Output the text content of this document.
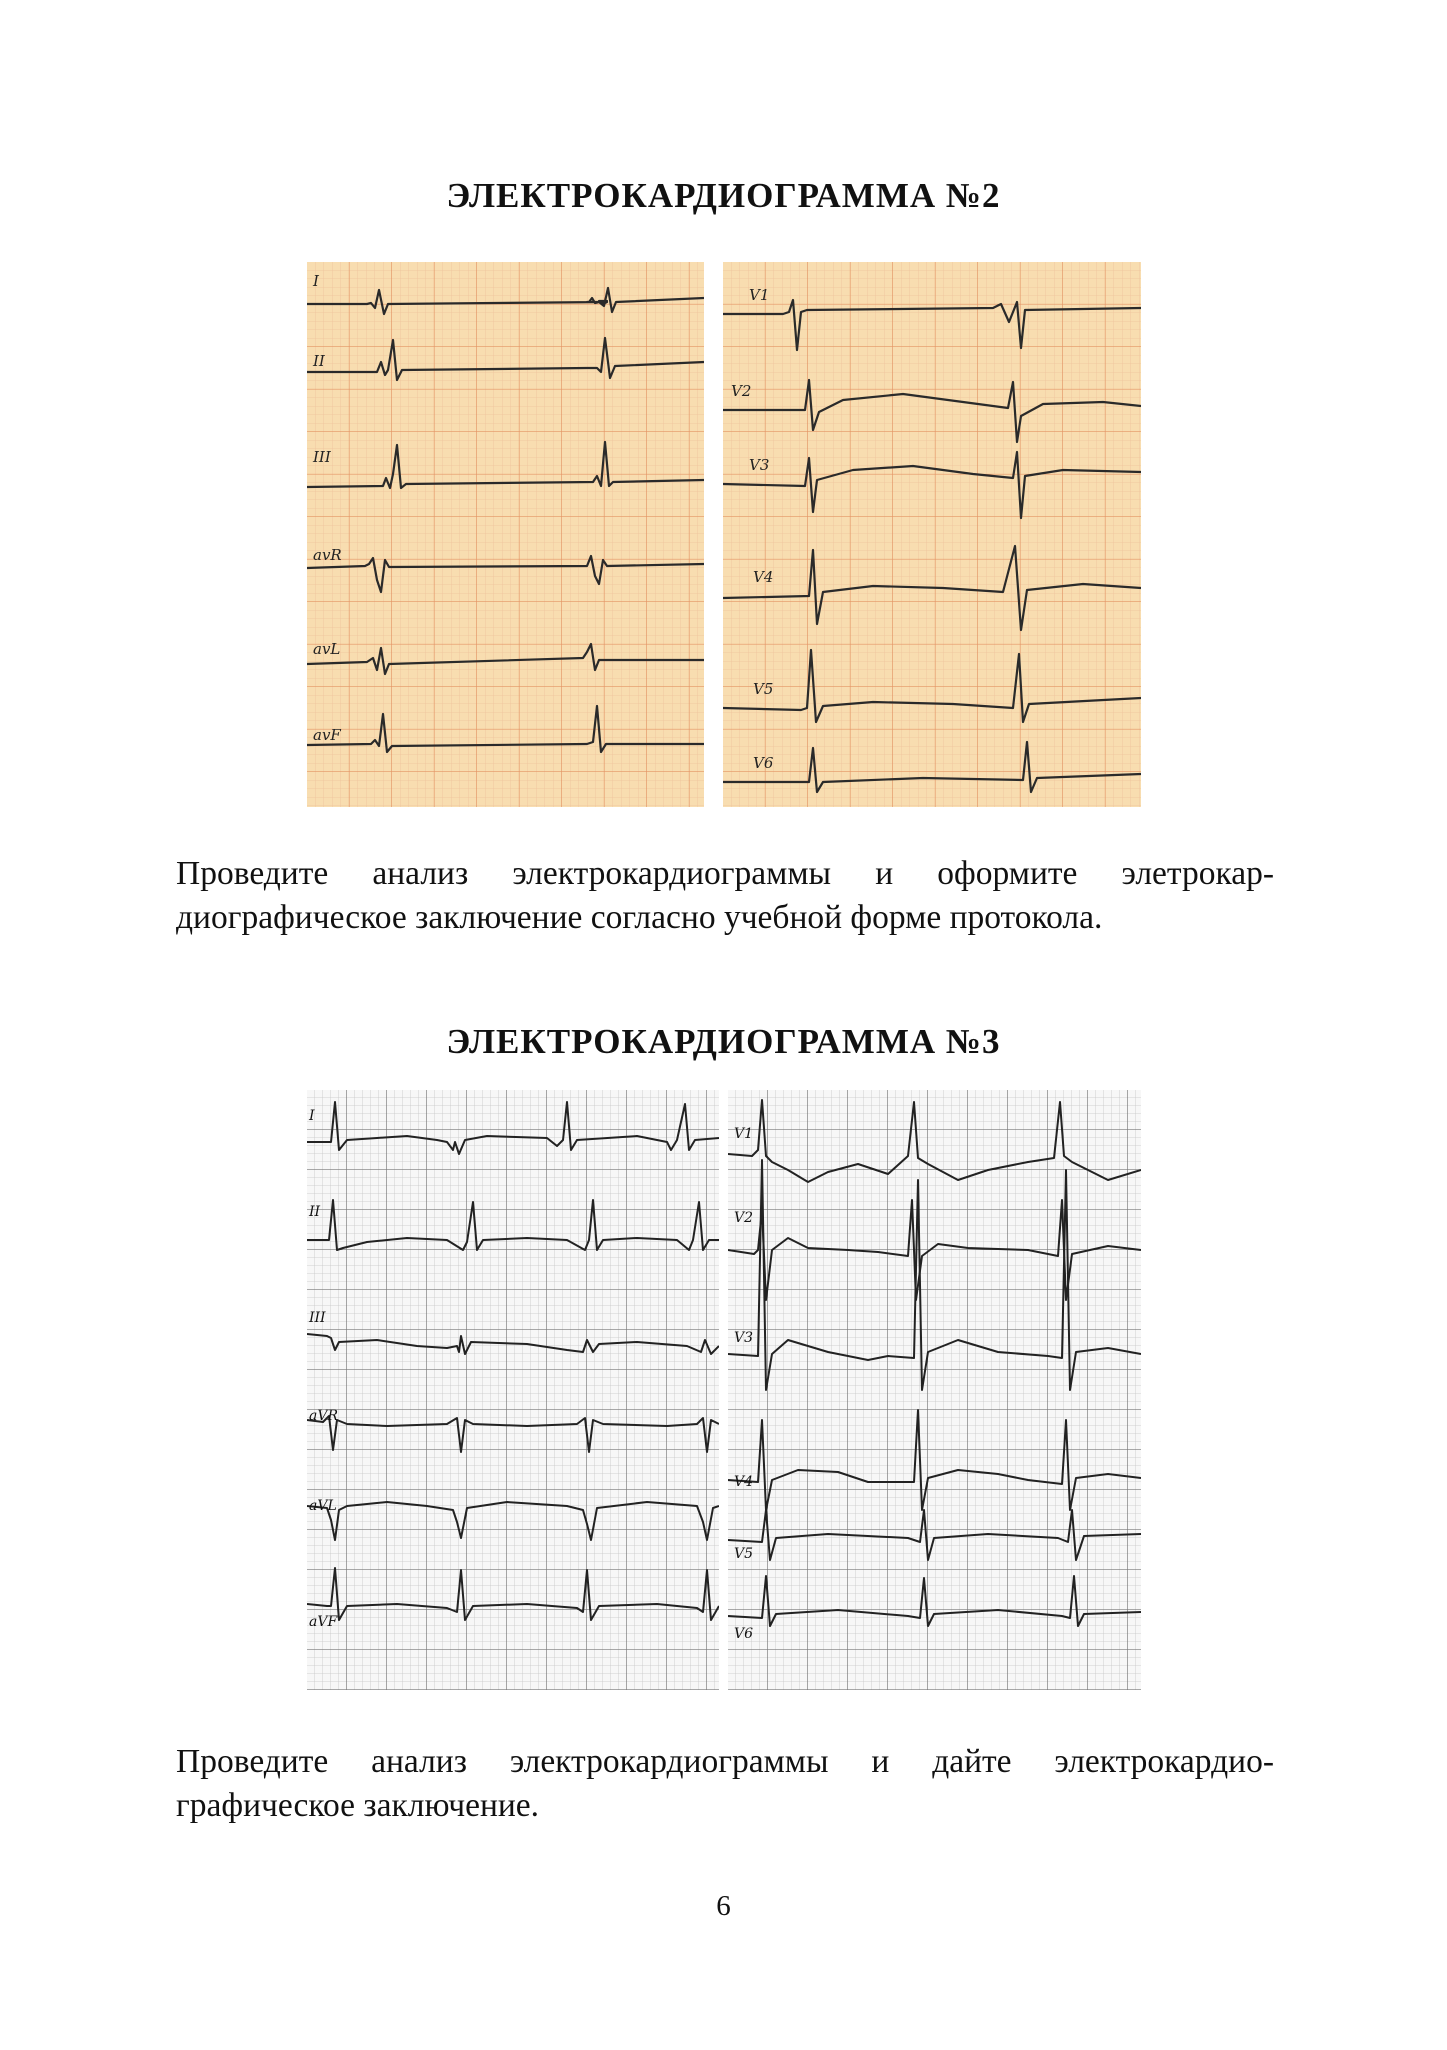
ЭЛЕКТРОКАРДИОГРАММА №2
I
II
III
avR
avL
avF
V1
V2
V3
V4
V5
V6

Проведите анализ электрокардиограммы и оформите элетрокар-диографическое заключение согласно учебной форме протокола.

ЭЛЕКТРОКАРДИОГРАММА №3
I
II
III
aVR
aVL
aVF
V1
V2
V3
V4
V5
V6

Проведите анализ электрокардиограммы и дайте электрокардио-графическое заключение.

6
